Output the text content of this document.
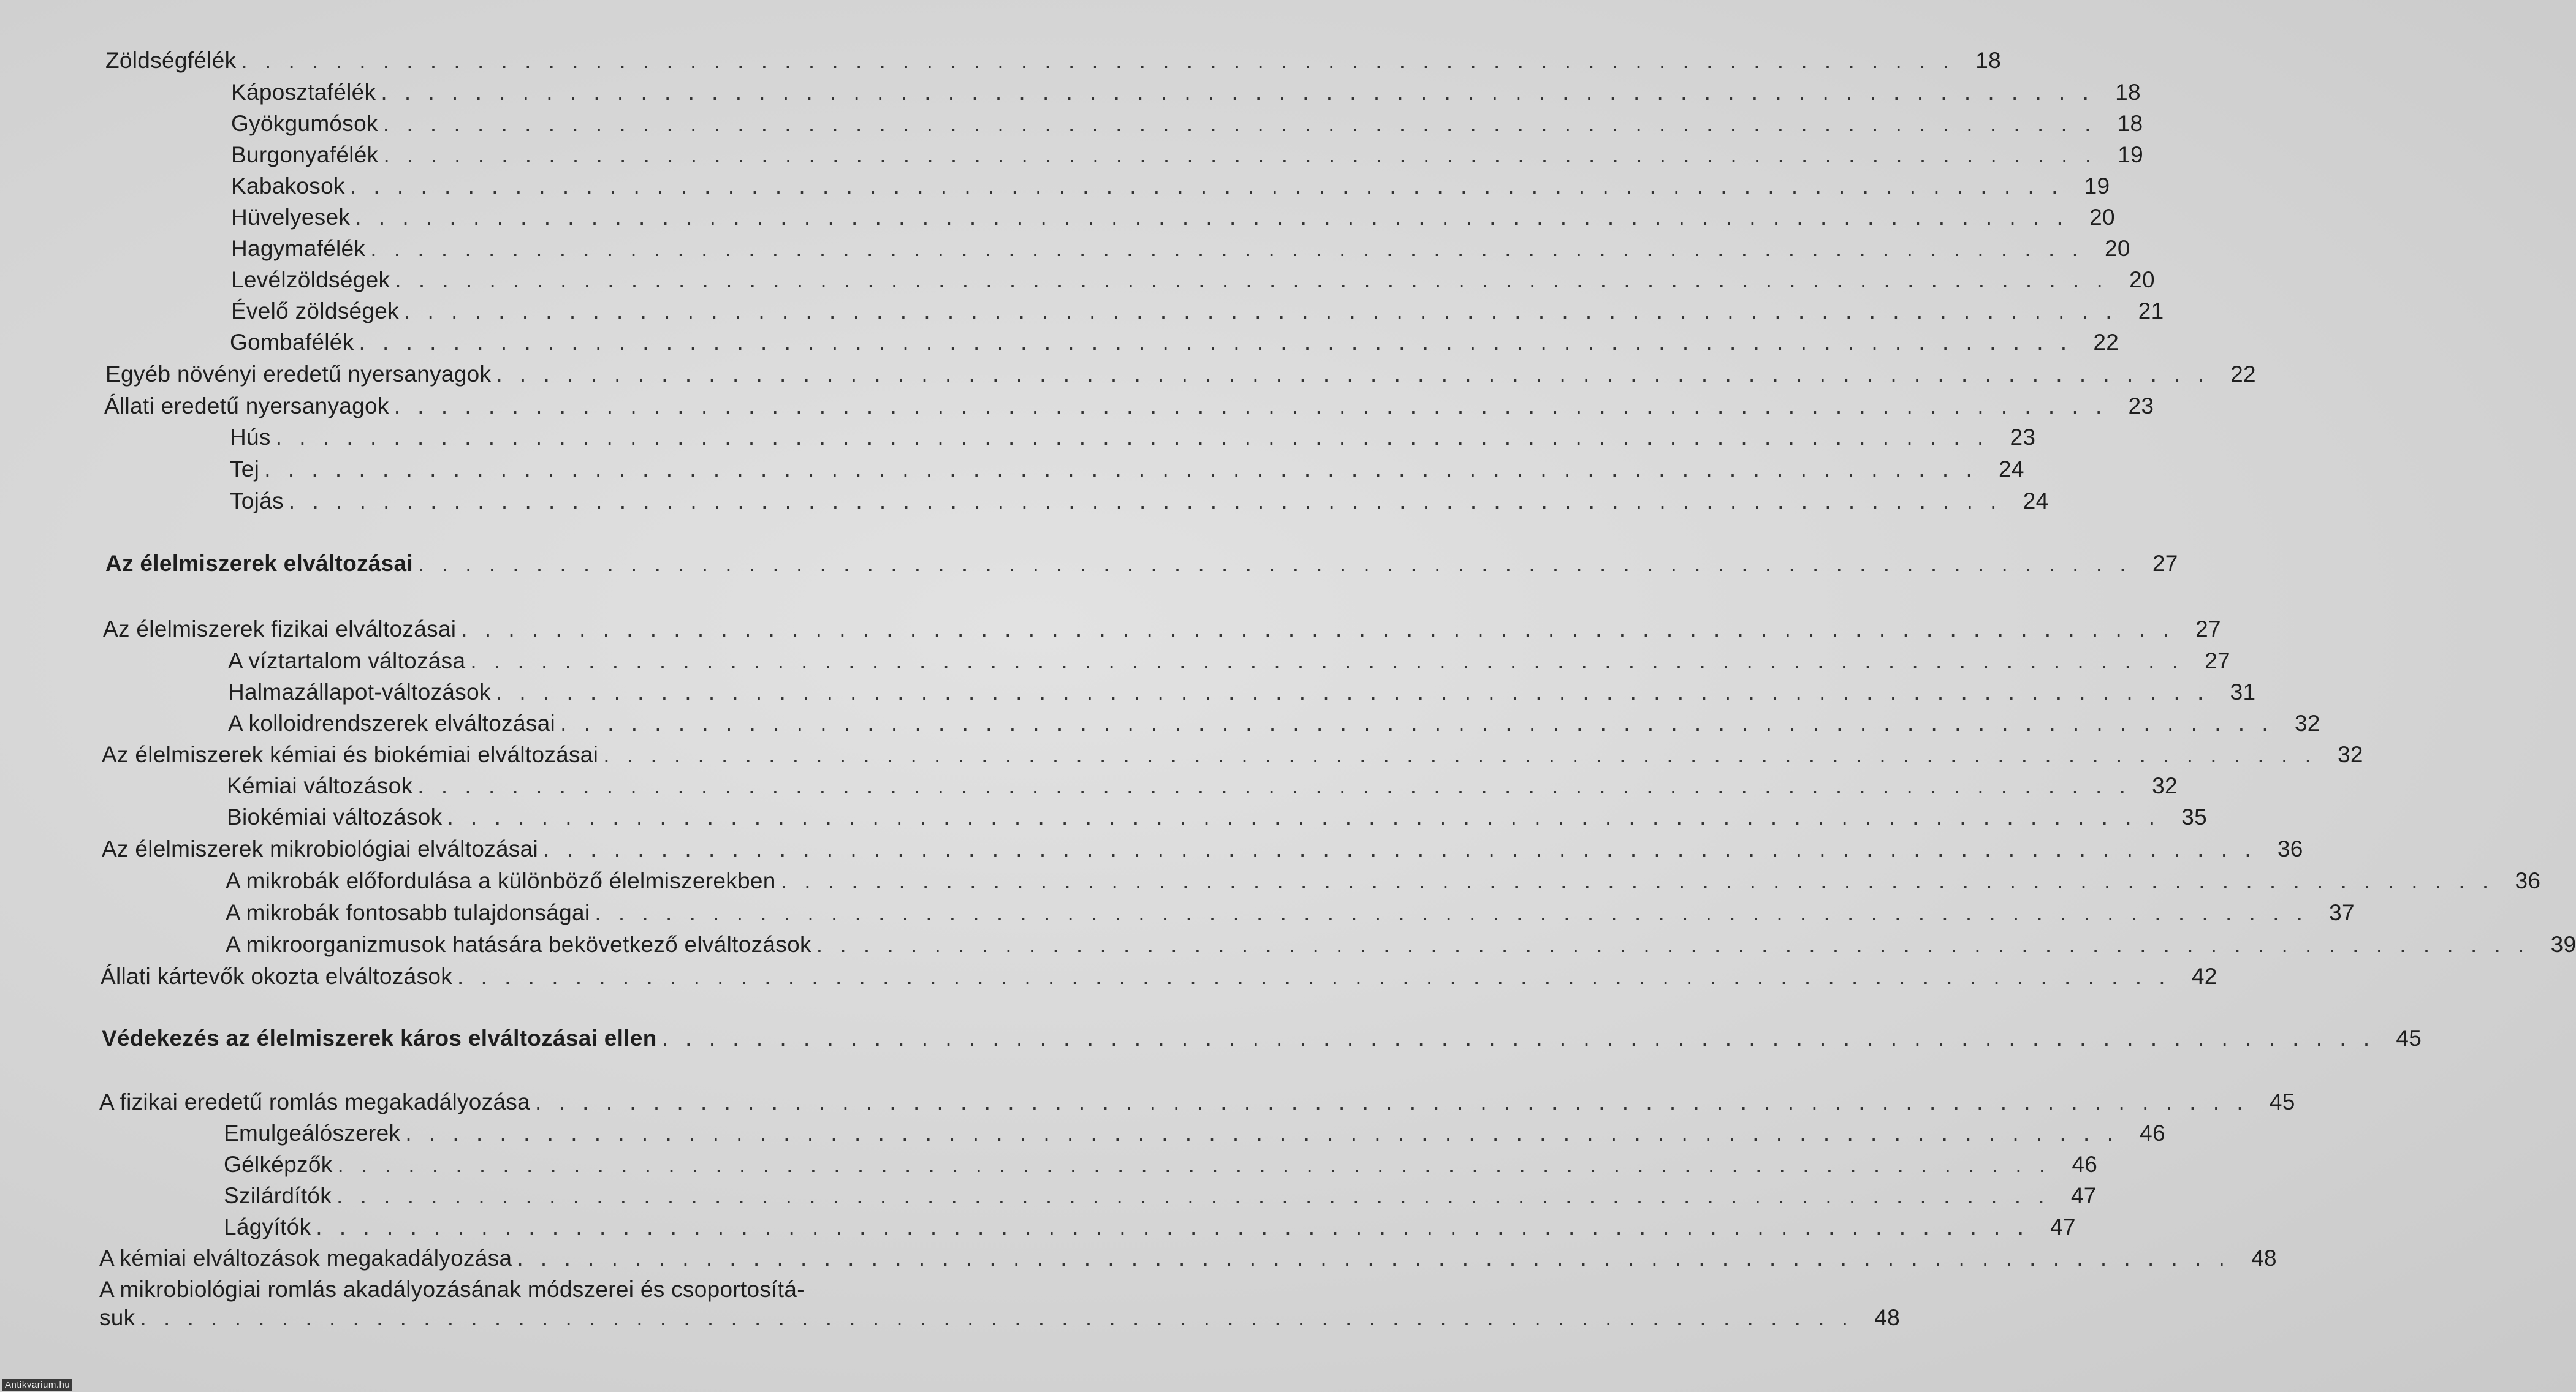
Zöldségfélék . . . . . . . . . . . . . . . . . . . . . . . . . . . . . . . . . . . . . . . . . . . . . . . . . . . . . . . . . . . . . . . . . . . . . . . . . 18
Káposztafélék . . . . . . . . . . . . . . . . . . . . . . . . . . . . . . . . . . . . . . . . . . . . . . . . . . . . . . . . . . . . . . . . . . . . . . . . . 18
Gyökgumósok . . . . . . . . . . . . . . . . . . . . . . . . . . . . . . . . . . . . . . . . . . . . . . . . . . . . . . . . . . . . . . . . . . . . . . . . . 18
Burgonyafélék . . . . . . . . . . . . . . . . . . . . . . . . . . . . . . . . . . . . . . . . . . . . . . . . . . . . . . . . . . . . . . . . . . . . . . . . . 19
Kabakosok . . . . . . . . . . . . . . . . . . . . . . . . . . . . . . . . . . . . . . . . . . . . . . . . . . . . . . . . . . . . . . . . . . . . . . . . . 19
Hüvelyesek . . . . . . . . . . . . . . . . . . . . . . . . . . . . . . . . . . . . . . . . . . . . . . . . . . . . . . . . . . . . . . . . . . . . . . . . . 20
Hagymafélék . . . . . . . . . . . . . . . . . . . . . . . . . . . . . . . . . . . . . . . . . . . . . . . . . . . . . . . . . . . . . . . . . . . . . . . . . 20
Levélzöldségek . . . . . . . . . . . . . . . . . . . . . . . . . . . . . . . . . . . . . . . . . . . . . . . . . . . . . . . . . . . . . . . . . . . . . . . . . 20
Évelő zöldségek . . . . . . . . . . . . . . . . . . . . . . . . . . . . . . . . . . . . . . . . . . . . . . . . . . . . . . . . . . . . . . . . . . . . . . . . . 21
Gombafélék . . . . . . . . . . . . . . . . . . . . . . . . . . . . . . . . . . . . . . . . . . . . . . . . . . . . . . . . . . . . . . . . . . . . . . . . . 22
Egyéb növényi eredetű nyersanyagok . . . . . . . . . . . . . . . . . . . . . . . . . . . . . . . . . . . . . . . . . . . . . . . . . . . . . . . . . . . . . . . . . . . . . . . . . 22
Állati eredetű nyersanyagok . . . . . . . . . . . . . . . . . . . . . . . . . . . . . . . . . . . . . . . . . . . . . . . . . . . . . . . . . . . . . . . . . . . . . . . . . 23
Hús . . . . . . . . . . . . . . . . . . . . . . . . . . . . . . . . . . . . . . . . . . . . . . . . . . . . . . . . . . . . . . . . . . . . . . . . . 23
Tej . . . . . . . . . . . . . . . . . . . . . . . . . . . . . . . . . . . . . . . . . . . . . . . . . . . . . . . . . . . . . . . . . . . . . . . . . 24
Tojás . . . . . . . . . . . . . . . . . . . . . . . . . . . . . . . . . . . . . . . . . . . . . . . . . . . . . . . . . . . . . . . . . . . . . . . . . 24
Az élelmiszerek elváltozásai . . . . . . . . . . . . . . . . . . . . . . . . . . . . . . . . . . . . . . . . . . . . . . . . . . . . . . . . . . . . . . . . . . . . . . . . . 27
Az élelmiszerek fizikai elváltozásai . . . . . . . . . . . . . . . . . . . . . . . . . . . . . . . . . . . . . . . . . . . . . . . . . . . . . . . . . . . . . . . . . . . . . . . . . 27
A víztartalom változása . . . . . . . . . . . . . . . . . . . . . . . . . . . . . . . . . . . . . . . . . . . . . . . . . . . . . . . . . . . . . . . . . . . . . . . . . 27
Halmazállapot-változások . . . . . . . . . . . . . . . . . . . . . . . . . . . . . . . . . . . . . . . . . . . . . . . . . . . . . . . . . . . . . . . . . . . . . . . . . 31
A kolloidrendszerek elváltozásai . . . . . . . . . . . . . . . . . . . . . . . . . . . . . . . . . . . . . . . . . . . . . . . . . . . . . . . . . . . . . . . . . . . . . . . . . 32
Az élelmiszerek kémiai és biokémiai elváltozásai . . . . . . . . . . . . . . . . . . . . . . . . . . . . . . . . . . . . . . . . . . . . . . . . . . . . . . . . . . . . . . . . . . . . . . . . . 32
Kémiai változások . . . . . . . . . . . . . . . . . . . . . . . . . . . . . . . . . . . . . . . . . . . . . . . . . . . . . . . . . . . . . . . . . . . . . . . . . 32
Biokémiai változások . . . . . . . . . . . . . . . . . . . . . . . . . . . . . . . . . . . . . . . . . . . . . . . . . . . . . . . . . . . . . . . . . . . . . . . . . 35
Az élelmiszerek mikrobiológiai elváltozásai . . . . . . . . . . . . . . . . . . . . . . . . . . . . . . . . . . . . . . . . . . . . . . . . . . . . . . . . . . . . . . . . . . . . . . . . . 36
A mikrobák előfordulása a különböző élelmiszerekben . . . . . . . . . . . . . . . . . . . . . . . . . . . . . . . . . . . . . . . . . . . . . . . . . . . . . . . . . . . . . . . . . . . . . . . . . 36
A mikrobák fontosabb tulajdonságai . . . . . . . . . . . . . . . . . . . . . . . . . . . . . . . . . . . . . . . . . . . . . . . . . . . . . . . . . . . . . . . . . . . . . . . . . 37
A mikroorganizmusok hatására bekövetkező elváltozások . . . . . . . . . . . . . . . . . . . . . . . . . . . . . . . . . . . . . . . . . . . . . . . . . . . . . . . . . . . . . . . . . . . . . . . . . 39
Állati kártevők okozta elváltozások . . . . . . . . . . . . . . . . . . . . . . . . . . . . . . . . . . . . . . . . . . . . . . . . . . . . . . . . . . . . . . . . . . . . . . . . . 42
Védekezés az élelmiszerek káros elváltozásai ellen . . . . . . . . . . . . . . . . . . . . . . . . . . . . . . . . . . . . . . . . . . . . . . . . . . . . . . . . . . . . . . . . . . . . . . . . . 45
A fizikai eredetű romlás megakadályozása . . . . . . . . . . . . . . . . . . . . . . . . . . . . . . . . . . . . . . . . . . . . . . . . . . . . . . . . . . . . . . . . . . . . . . . . . 45
Emulgeálószerek . . . . . . . . . . . . . . . . . . . . . . . . . . . . . . . . . . . . . . . . . . . . . . . . . . . . . . . . . . . . . . . . . . . . . . . . . 46
Gélképzők . . . . . . . . . . . . . . . . . . . . . . . . . . . . . . . . . . . . . . . . . . . . . . . . . . . . . . . . . . . . . . . . . . . . . . . . . 46
Szilárdítók . . . . . . . . . . . . . . . . . . . . . . . . . . . . . . . . . . . . . . . . . . . . . . . . . . . . . . . . . . . . . . . . . . . . . . . . . 47
Lágyítók . . . . . . . . . . . . . . . . . . . . . . . . . . . . . . . . . . . . . . . . . . . . . . . . . . . . . . . . . . . . . . . . . . . . . . . . . 47
A kémiai elváltozások megakadályozása . . . . . . . . . . . . . . . . . . . . . . . . . . . . . . . . . . . . . . . . . . . . . . . . . . . . . . . . . . . . . . . . . . . . . . . . . 48
A mikrobiológiai romlás akadályozásának módszerei és csoportosítá-
suk . . . . . . . . . . . . . . . . . . . . . . . . . . . . . . . . . . . . . . . . . . . . . . . . . . . . . . . . . . . . . . . . . . . . . . . . . 48
Antikvarium.hu
